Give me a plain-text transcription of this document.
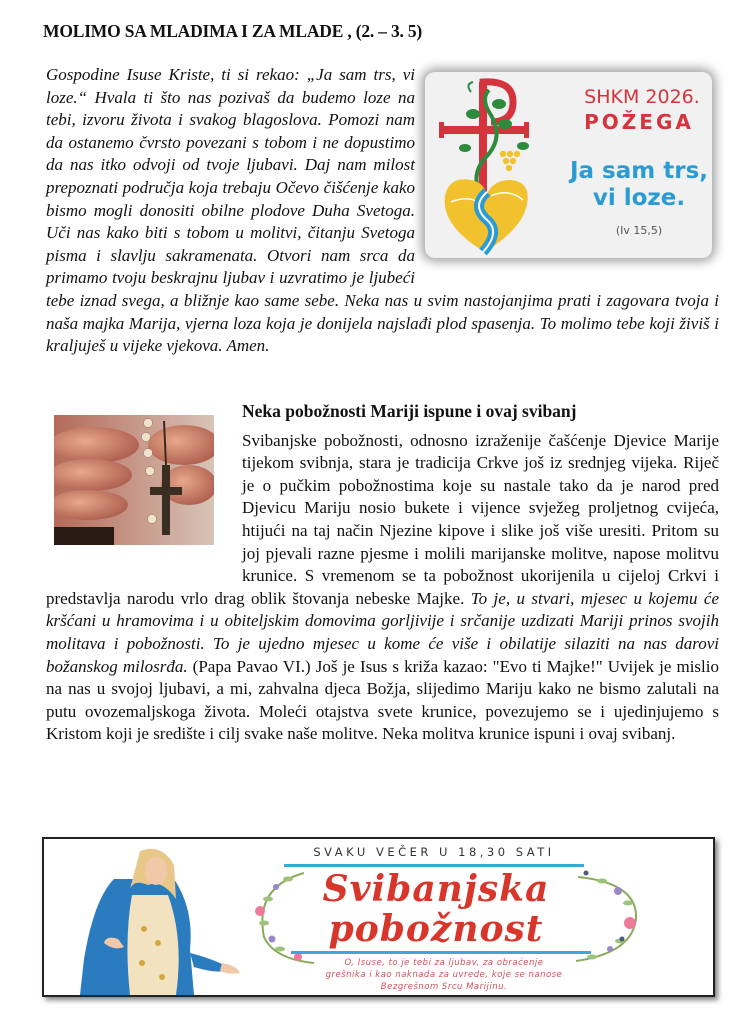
MOLIMO SA MLADIMA I ZA MLADE , (2. – 3. 5)
Gospodine Isuse Kriste, ti si rekao: „Ja sam trs, vi loze.“ Hvala ti što nas pozivaš da budemo loze na tebi, izvoru života i svakog blagoslova. Pomozi nam da ostanemo čvrsto povezani s tobom i ne dopustimo da nas itko odvoji od tvoje ljubavi. Daj nam milost prepoznati područja koja trebaju Očevo čišćenje kako bismo mogli donositi obilne plodove Duha Svetoga. Uči nas kako biti s tobom u molitvi, čitanju Svetoga pisma i slavlju sakramenata. Otvori nam srca da primamo tvoju beskrajnu ljubav i uzvratimo je ljubeći tebe iznad svega, a bližnje kao same sebe. Neka nas u svim nastojanjima prati i zagovara tvoja i naša majka Marija, vjerna loza koja je donijela najslađi plod spasenja. To molimo tebe koji živiš i kraljuješ u vijeke vjekova. Amen.
SHKM 2026.
POŽEGA
Ja sam trs,
vi loze.
(Iv 15,5)
Neka pobožnosti Mariji ispune i ovaj svibanj

Svibanjske pobožnosti, odnosno izraženije čašćenje Djevice Marije tijekom svibnja, stara je tradicija Crkve još iz srednjeg vijeka. Riječ je o pučkim pobožnostima koje su nastale tako da je narod pred Djevicu Mariju nosio bukete i vijence svježeg proljetnog cvijeća, htijući na taj način Njezine kipove i slike još više uresiti. Pritom su joj pjevali razne pjesme i molili marijanske molitve, napose molitvu krunice. S vremenom se ta pobožnost ukorijenila u cijeloj Crkvi i predstavlja narodu vrlo drag oblik štovanja nebeske Majke. To je, u stvari, mjesec u kojemu će kršćani u hramovima i u obiteljskim domovima gorljivije i srčanije uzdizati Mariji prinos svojih molitava i pobožnosti. To je ujedno mjesec u kome će više i obilatije silaziti na nas darovi božanskog milosrđa. (Papa Pavao VI.) Još je Isus s križa kazao: "Evo ti Majke!" Uvijek je mislio na nas u svojoj ljubavi, a mi, zahvalna djeca Božja, slijedimo Mariju kako ne bismo zalutali na putu ovozemaljskoga života. Moleći otajstva svete krunice, povezujemo se i ujedinjujemo s Kristom koji je središte i cilj svake naše molitve. Neka molitva krunice ispuni i ovaj svibanj.

SVAKU VEČER U 18,30 SATI
Svibanjska
pobožnost
O, Isuse, to je tebi za ljubav, za obraćenje
grešnika i kao naknada za uvrede, koje se nanose
Bezgrešnom Srcu Marijinu.
